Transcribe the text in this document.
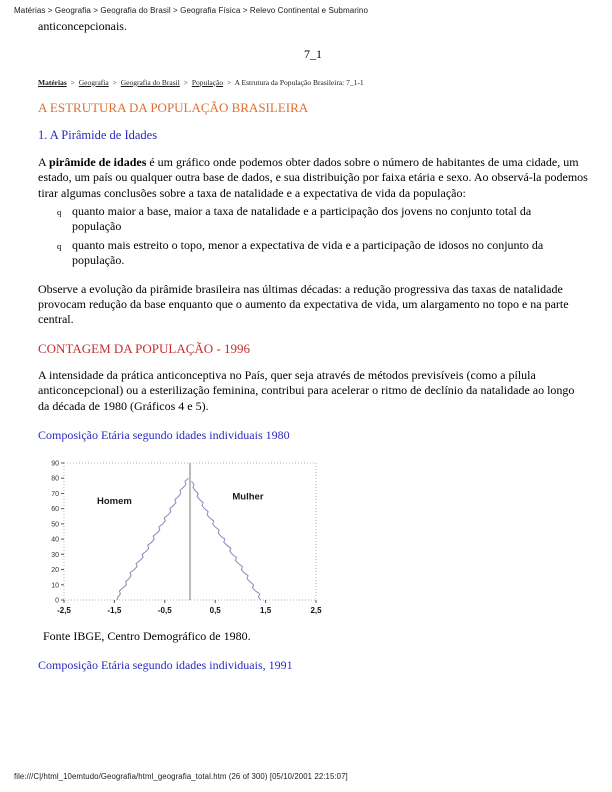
Matérias > Geografia > Geografia do Brasil > Geografia Física > Relevo Continental e Submarino

anticoncepcionais.

7_1
Matérias > Geografia > Geografia do Brasil > População > A Estrutura da População Brasileira: 7_1-1
A ESTRUTURA DA POPULAÇÃO BRASILEIRA
1. A Pirâmide de Idades

A pirâmide de idades é um gráfico onde podemos obter dados sobre o número de habitantes de uma cidade, um estado, um país ou qualquer outra base de dados, e sua distribuição por faixa etária e sexo. Ao observá-la podemos tirar algumas conclusões sobre a taxa de natalidade e a expectativa de vida da população:

q quanto maior a base, maior a taxa de natalidade e a participação dos jovens no conjunto total da população
q quanto mais estreito o topo, menor a expectativa de vida e a participação de idosos no conjunto da população.

Observe a evolução da pirâmide brasileira nas últimas décadas: a redução progressiva das taxas de natalidade provocam redução da base enquanto que o aumento da expectativa de vida, um alargamento no topo e na parte central.

CONTAGEM DA POPULAÇÃO - 1996

A intensidade da prática anticonceptiva no País, quer seja através de métodos previsíveis (como a pílula anticoncepcional) ou a esterilização feminina, contribui para acelerar o ritmo de declínio da natalidade ao longo da década de 1980 (Gráficos 4 e 5).

Composição Etária segundo idades individuais 1980

0
10
20
30
40
50
60
70
80
90
-2,5	-1,5	-0,5	0,5	1,5	2,5
Homem	Mulher

Fonte IBGE, Centro Demográfico de 1980.

Composição Etária segundo idades individuais, 1991

file:///C|/html_10emtudo/Geografia/html_geografia_total.htm (26 of 300) [05/10/2001 22:15:07]
